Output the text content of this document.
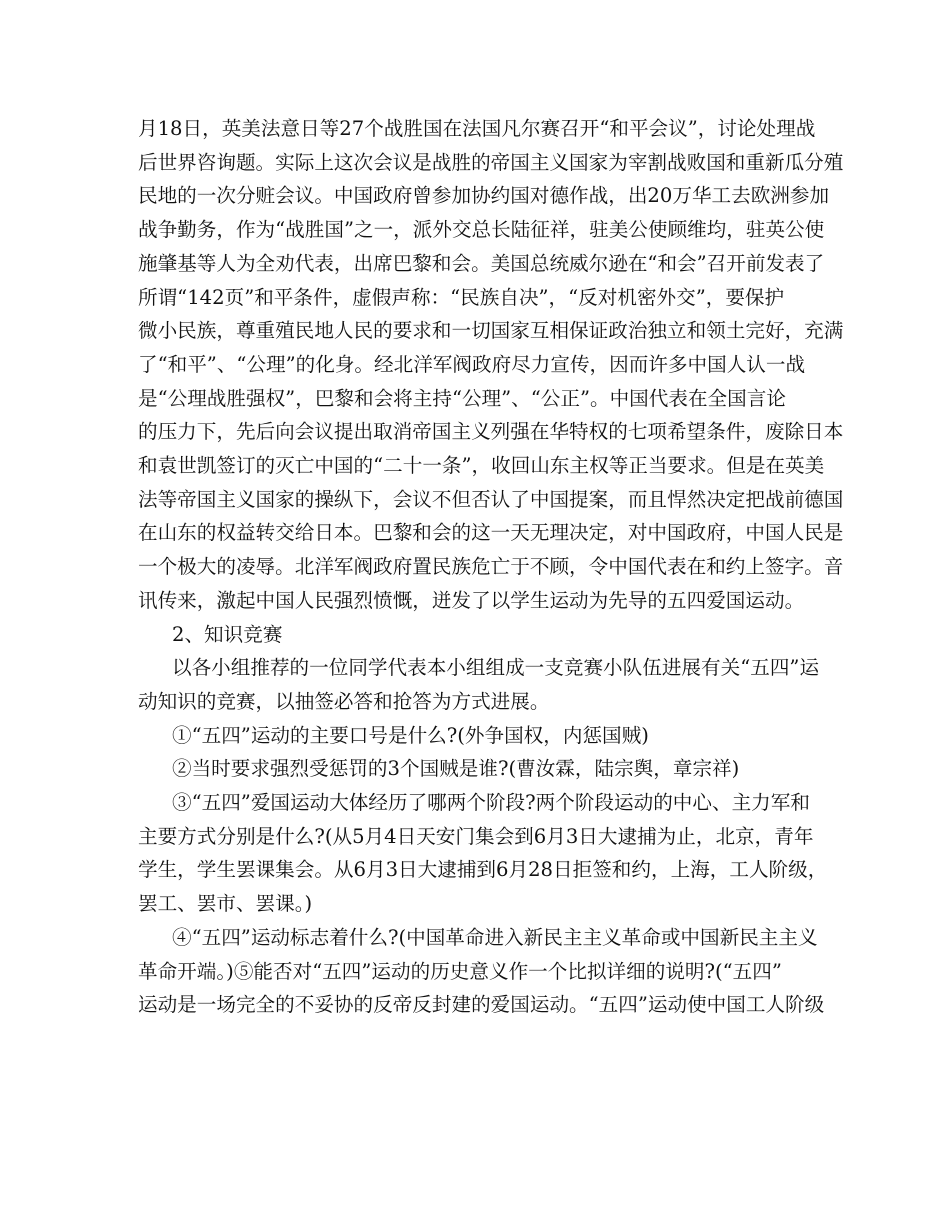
月18日，英美法意日等27个战胜国在法国凡尔赛召开“和平会议”，讨论处理战
后世界咨询题。实际上这次会议是战胜的帝国主义国家为宰割战败国和重新瓜分殖
民地的一次分赃会议。中国政府曾参加协约国对德作战，出20万华工去欧洲参加
战争勤务，作为“战胜国”之一，派外交总长陆征祥，驻美公使顾维均，驻英公使
施肇基等人为全劝代表，出席巴黎和会。美国总统威尔逊在“和会”召开前发表了
所谓“142页”和平条件，虚假声称：“民族自决”，“反对机密外交”，要保护
微小民族，尊重殖民地人民的要求和一切国家互相保证政治独立和领土完好，充满
了“和平”、“公理”的化身。经北洋军阀政府尽力宣传，因而许多中国人认一战
是“公理战胜强权”，巴黎和会将主持“公理”、“公正”。中国代表在全国言论
的压力下，先后向会议提出取消帝国主义列强在华特权的七项希望条件，废除日本
和袁世凯签订的灭亡中国的“二十一条”，收回山东主权等正当要求。但是在英美
法等帝国主义国家的操纵下，会议不但否认了中国提案，而且悍然决定把战前德国
在山东的权益转交给日本。巴黎和会的这一天无理决定，对中国政府，中国人民是
一个极大的凌辱。北洋军阀政府置民族危亡于不顾，令中国代表在和约上签字。音
讯传来，激起中国人民强烈愤慨，迸发了以学生运动为先导的五四爱国运动。
2、知识竞赛
以各小组推荐的一位同学代表本小组组成一支竞赛小队伍进展有关“五四”运
动知识的竞赛，以抽签必答和抢答为方式进展。
①“五四”运动的主要口号是什么?(外争国权，内惩国贼)
②当时要求强烈受惩罚的3个国贼是谁?(曹汝霖，陆宗舆，章宗祥)
③“五四”爱国运动大体经历了哪两个阶段?两个阶段运动的中心、主力军和
主要方式分别是什么?(从5月4日天安门集会到6月3日大逮捕为止，北京，青年
学生，学生罢课集会。从6月3日大逮捕到6月28日拒签和约，上海，工人阶级，
罢工、罢市、罢课。)
④“五四”运动标志着什么?(中国革命进入新民主主义革命或中国新民主主义
革命开端。)⑤能否对“五四”运动的历史意义作一个比拟详细的说明?(“五四”
运动是一场完全的不妥协的反帝反封建的爱国运动。“五四”运动使中国工人阶级
